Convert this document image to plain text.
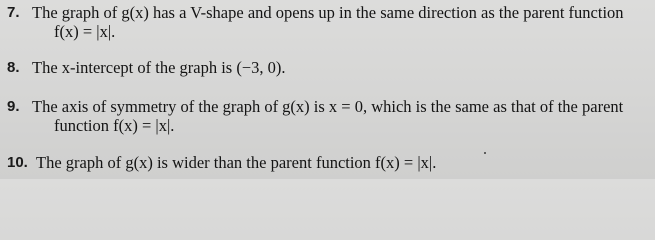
7. The graph of g(x) has a V-shape and opens up in the same direction as the parent function
f(x) = |x|.
8. The x-intercept of the graph is (−3, 0).
9. The axis of symmetry of the graph of g(x) is x = 0, which is the same as that of the parent
function f(x) = |x|.
10. The graph of g(x) is wider than the parent function f(x) = |x|.
